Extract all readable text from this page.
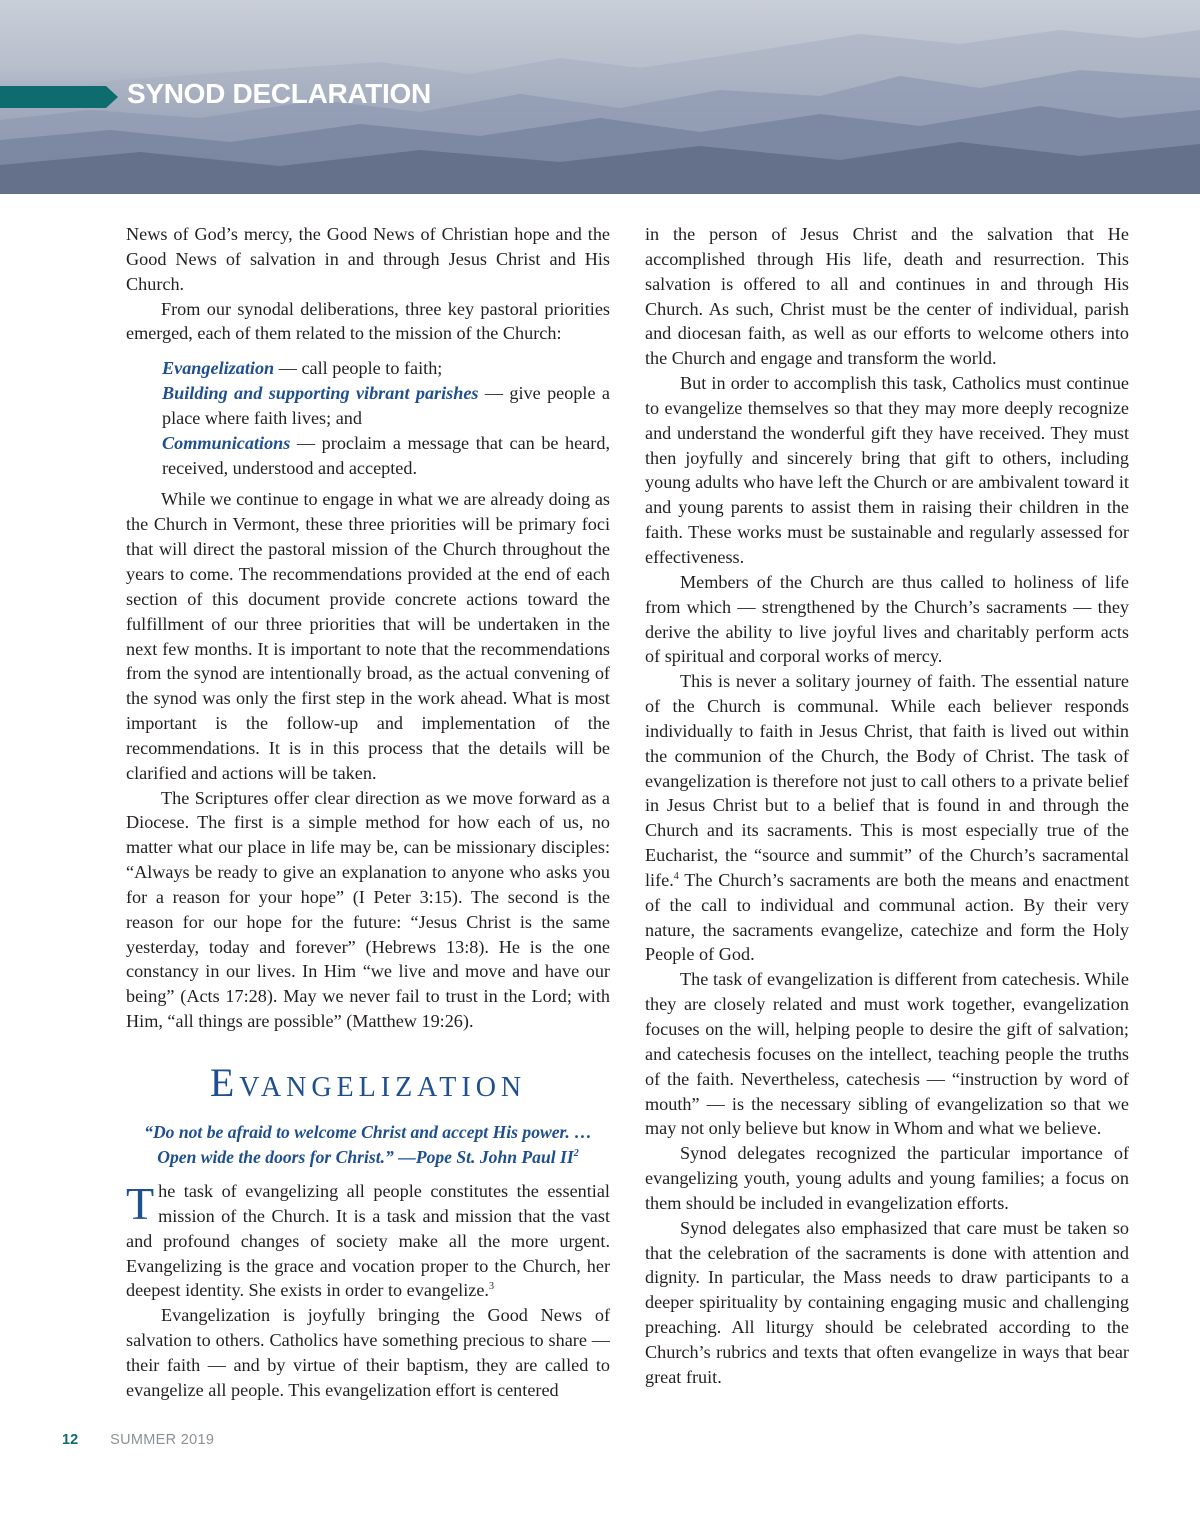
SYNOD DECLARATION

News of God’s mercy, the Good News of Christian hope and the Good News of salvation in and through Jesus Christ and His Church.

From our synodal deliberations, three key pastoral priorities emerged, each of them related to the mission of the Church:

Evangelization — call people to faith;

Building and supporting vibrant parishes — give people a place where faith lives; and

Communications — proclaim a message that can be heard, received, understood and accepted.

While we continue to engage in what we are already doing as the Church in Vermont, these three priorities will be primary foci that will direct the pastoral mission of the Church throughout the years to come. The recommendations provided at the end of each section of this document provide concrete actions toward the fulfillment of our three priorities that will be undertaken in the next few months. It is important to note that the recommendations from the synod are intentionally broad, as the actual convening of the synod was only the first step in the work ahead. What is most important is the follow-up and implementation of the recommendations. It is in this process that the details will be clarified and actions will be taken.

The Scriptures offer clear direction as we move forward as a Diocese. The first is a simple method for how each of us, no matter what our place in life may be, can be missionary disciples: “Always be ready to give an explanation to anyone who asks you for a reason for your hope” (I Peter 3:15). The second is the reason for our hope for the future: “Jesus Christ is the same yesterday, today and forever” (Hebrews 13:8). He is the one constancy in our lives. In Him “we live and move and have our being” (Acts 17:28). May we never fail to trust in the Lord; with Him, “all things are possible” (Matthew 19:26).

Evangelization
“Do not be afraid to welcome Christ and accept His power. …
Open wide the doors for Christ.” —Pope St. John Paul $II^2$

The task of evangelizing all people constitutes the essential mission of the Church. It is a task and mission that the vast and profound changes of society make all the more urgent. Evangelizing is the grace and vocation proper to the Church, her deepest identity. She exists in order to evangelize.$^3$

Evangelization is joyfully bringing the Good News of salvation to others. Catholics have something precious to share — their faith — and by virtue of their baptism, they are called to evangelize all people. This evangelization effort is centered

in the person of Jesus Christ and the salvation that He accomplished through His life, death and resurrection. This salvation is offered to all and continues in and through His Church. As such, Christ must be the center of individual, parish and diocesan faith, as well as our efforts to welcome others into the Church and engage and transform the world.

But in order to accomplish this task, Catholics must continue to evangelize themselves so that they may more deeply recognize and understand the wonderful gift they have received. They must then joyfully and sincerely bring that gift to others, including young adults who have left the Church or are ambivalent toward it and young parents to assist them in raising their children in the faith. These works must be sustainable and regularly assessed for effectiveness.

Members of the Church are thus called to holiness of life from which — strengthened by the Church’s sacraments — they derive the ability to live joyful lives and charitably perform acts of spiritual and corporal works of mercy.

This is never a solitary journey of faith. The essential nature of the Church is communal. While each believer responds individually to faith in Jesus Christ, that faith is lived out within the communion of the Church, the Body of Christ. The task of evangelization is therefore not just to call others to a private belief in Jesus Christ but to a belief that is found in and through the Church and its sacraments. This is most especially true of the Eucharist, the “source and summit” of the Church’s sacramental life.$^4$ The Church’s sacraments are both the means and enactment of the call to individual and communal action. By their very nature, the sacraments evangelize, catechize and form the Holy People of God.

The task of evangelization is different from catechesis. While they are closely related and must work together, evangelization focuses on the will, helping people to desire the gift of salvation; and catechesis focuses on the intellect, teaching people the truths of the faith. Nevertheless, catechesis — “instruction by word of mouth” — is the necessary sibling of evangelization so that we may not only believe but know in Whom and what we believe.

Synod delegates recognized the particular importance of evangelizing youth, young adults and young families; a focus on them should be included in evangelization efforts.

Synod delegates also emphasized that care must be taken so that the celebration of the sacraments is done with attention and dignity. In particular, the Mass needs to draw participants to a deeper spirituality by containing engaging music and challenging preaching. All liturgy should be celebrated according to the Church’s rubrics and texts that often evangelize in ways that bear great fruit.

12 SUMMER 2019
